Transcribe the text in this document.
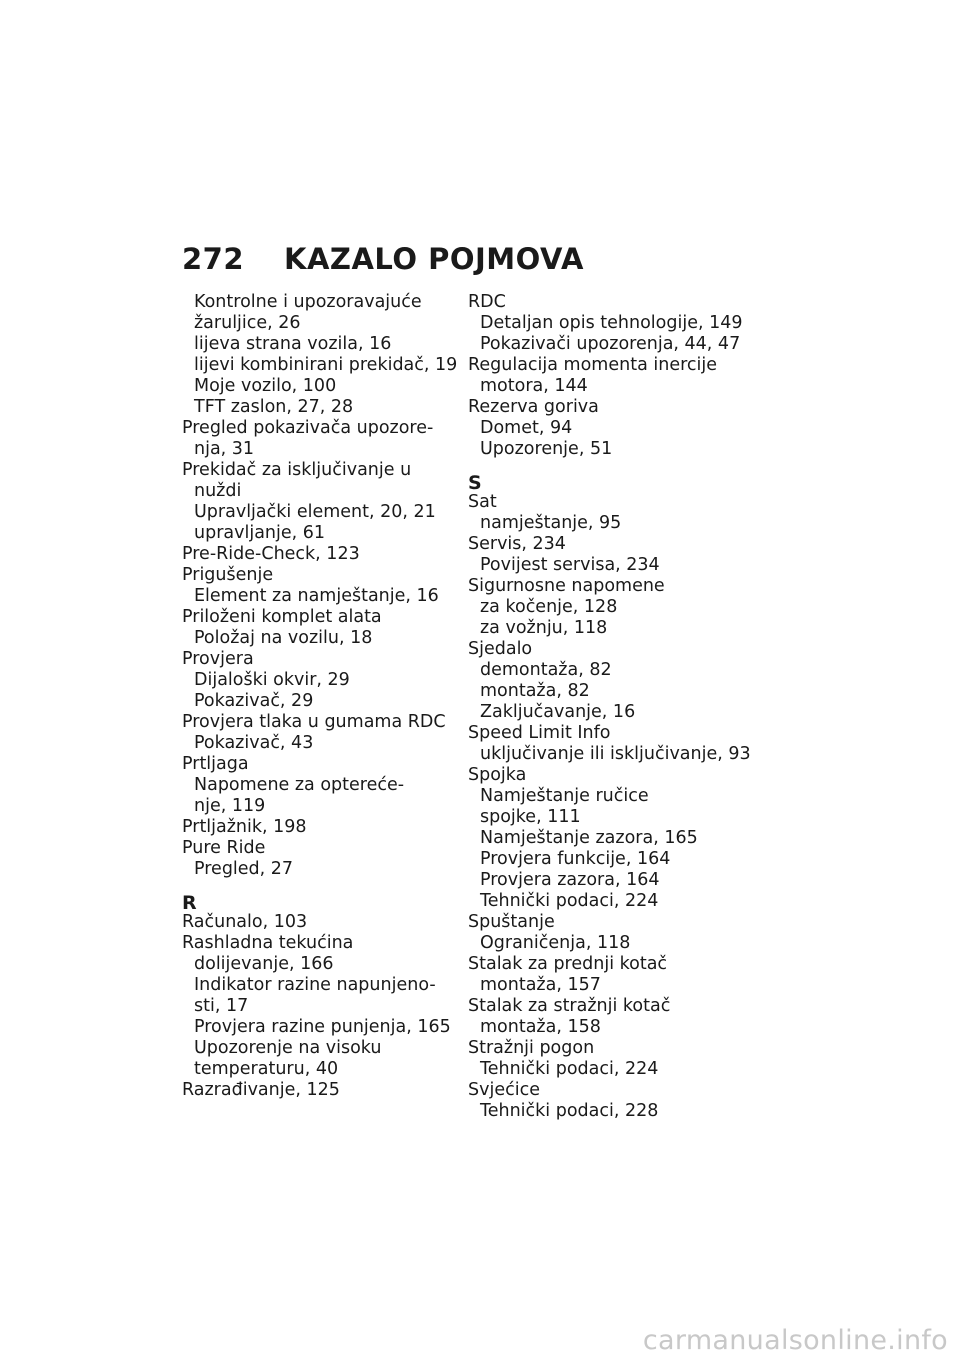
272	KAZALO POJMOVA
Kontrolne i upozoravajuće
žaruljice, 26
lijeva strana vozila, 16
lijevi kombinirani prekidač, 19
Moje vozilo, 100
TFT zaslon, 27, 28
Pregled pokazivača upozore-
nja, 31
Prekidač za isključivanje u
nuždi
Upravljački element, 20, 21
upravljanje, 61
Pre-Ride-Check, 123
Prigušenje
Element za namještanje, 16
Priloženi komplet alata
Položaj na vozilu, 18
Provjera
Dijaloški okvir, 29
Pokazivač, 29
Provjera tlaka u gumama RDC
Pokazivač, 43
Prtljaga
Napomene za optereće-
nje, 119
Prtljažnik, 198
Pure Ride
Pregled, 27
R
Računalo, 103
Rashladna tekućina
dolijevanje, 166
Indikator razine napunjeno-
sti, 17
Provjera razine punjenja, 165
Upozorenje na visoku
temperaturu, 40
Razrađivanje, 125
RDC
Detaljan opis tehnologije, 149
Pokazivači upozorenja, 44, 47
Regulacija momenta inercije
motora, 144
Rezerva goriva
Domet, 94
Upozorenje, 51
S
Sat
namještanje, 95
Servis, 234
Povijest servisa, 234
Sigurnosne napomene
za kočenje, 128
za vožnju, 118
Sjedalo
demontaža, 82
montaža, 82
Zaključavanje, 16
Speed Limit Info
uključivanje ili isključivanje, 93
Spojka
Namještanje ručice
spojke, 111
Namještanje zazora, 165
Provjera funkcije, 164
Provjera zazora, 164
Tehnički podaci, 224
Spuštanje
Ograničenja, 118
Stalak za prednji kotač
montaža, 157
Stalak za stražnji kotač
montaža, 158
Stražnji pogon
Tehnički podaci, 224
Svjećice
Tehnički podaci, 228
carmanualsonline.info
